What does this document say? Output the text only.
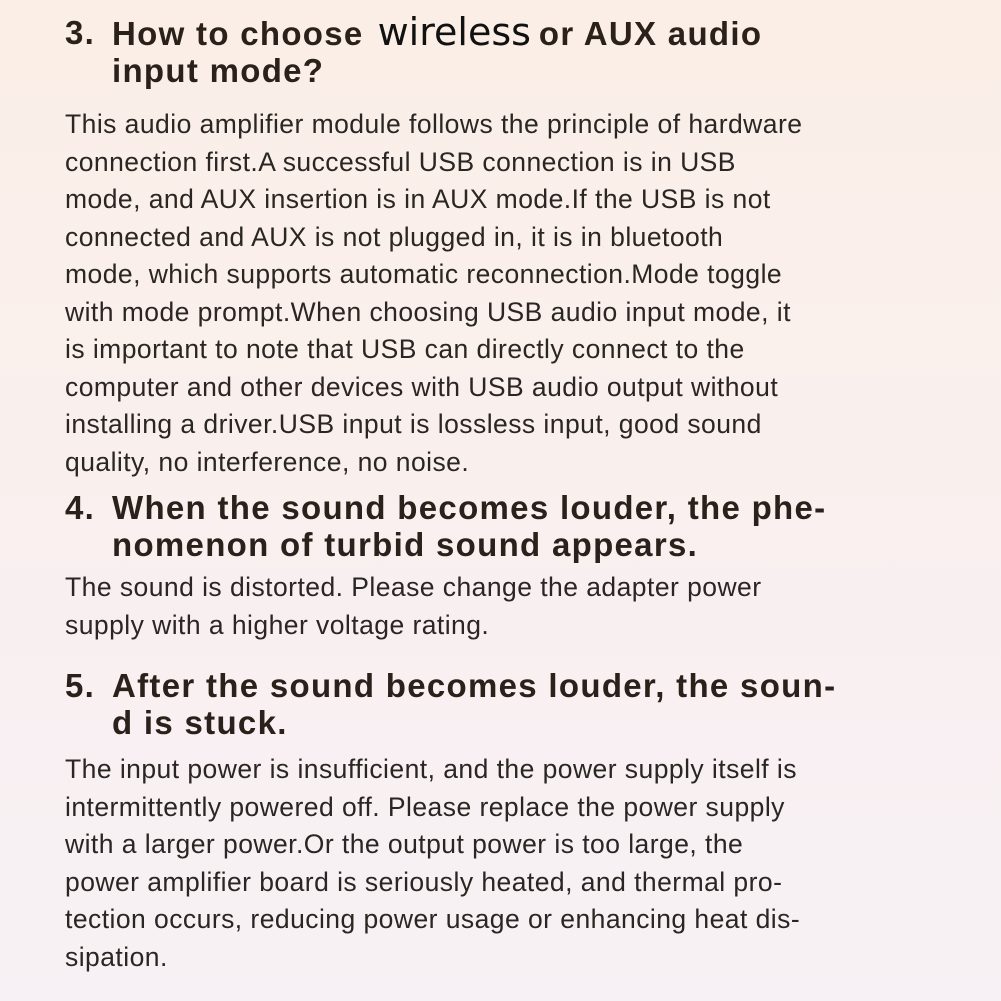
3. How to choose wireless or AUX audio
input mode?

This audio amplifier module follows the principle of hardware
connection first.A successful USB connection is in USB
mode, and AUX insertion is in AUX mode.If the USB is not
connected and AUX is not plugged in, it is in bluetooth
mode, which supports automatic reconnection.Mode toggle
with mode prompt.When choosing USB audio input mode, it
is important to note that USB can directly connect to the
computer and other devices with USB audio output without
installing a driver.USB input is lossless input, good sound
quality, no interference, no noise.

4. When the sound becomes louder, the phe-
nomenon of turbid sound appears.

The sound is distorted. Please change the adapter power
supply with a higher voltage rating.

5. After the sound becomes louder, the soun-
d is stuck.

The input power is insufficient, and the power supply itself is
intermittently powered off. Please replace the power supply
with a larger power.Or the output power is too large, the
power amplifier board is seriously heated, and thermal pro-
tection occurs, reducing power usage or enhancing heat dis-
sipation.
